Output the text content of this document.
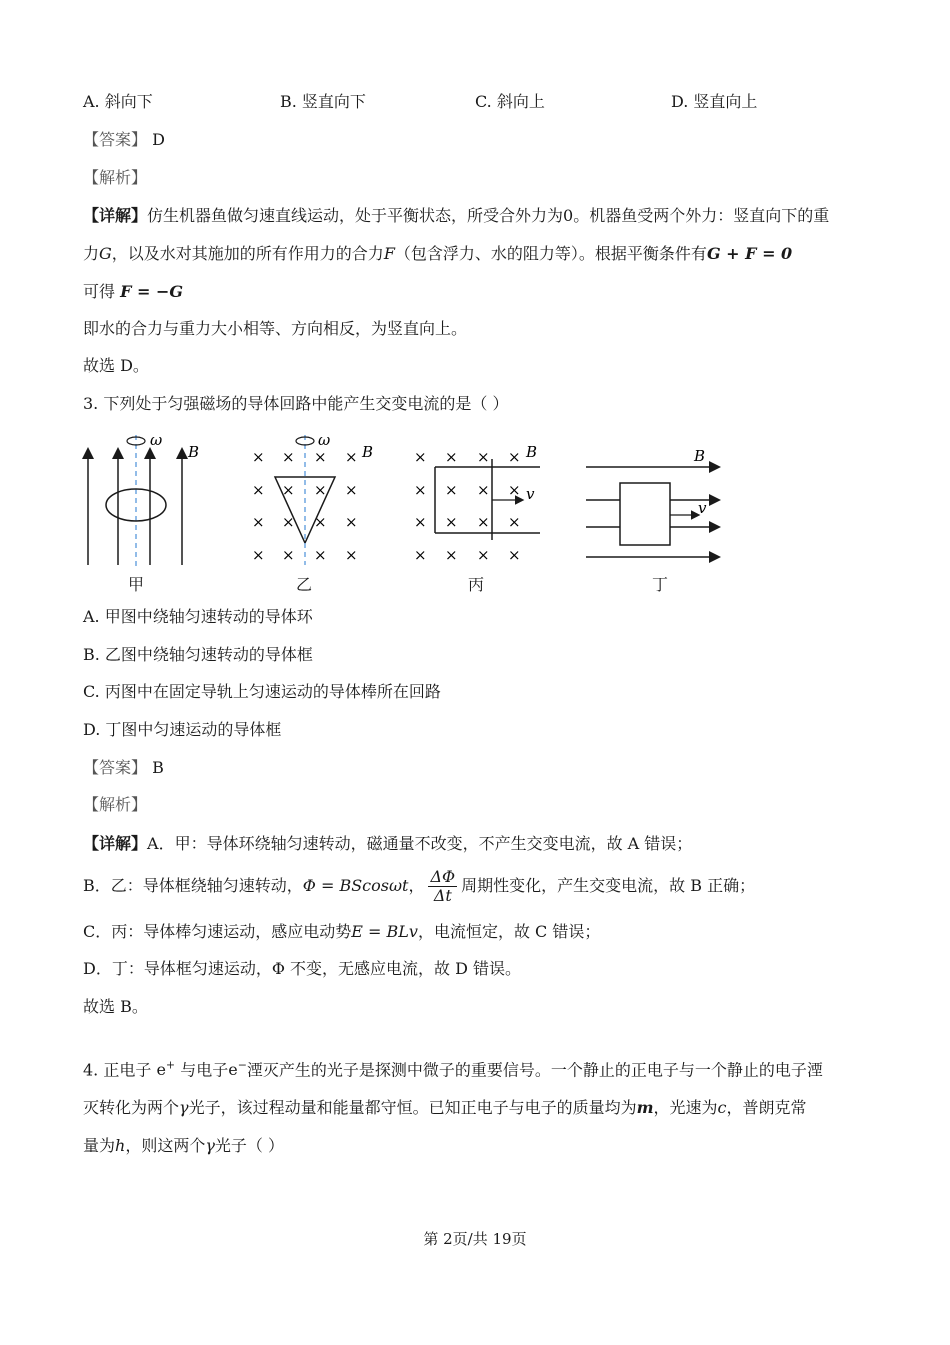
A. 斜向下	B. 竖直向下	C. 斜向上	D. 竖直向上
【答案】 D
【解析】
【详解】仿生机器鱼做匀速直线运动，处于平衡状态，所受合外力为0。机器鱼受两个外力：竖直向下的重
力G，以及水对其施加的所有作用力的合力F（包含浮力、水的阻力等）。根据平衡条件有G + F = 0
可得 F = −G
即水的合力与重力大小相等、方向相反，为竖直向上。
故选 D。
3. 下列处于匀强磁场的导体回路中能产生交变电流的是（ ）
ω
B	× × × ×
× × × ×
× × × ×
× × × ×
ω
B	× × × ×
× × × ×
× × × ×
× × × ×
v
B
v
B
甲	乙	丙	丁
A. 甲图中绕轴匀速转动的导体环
B. 乙图中绕轴匀速转动的导体框
C. 丙图中在固定导轨上匀速运动的导体棒所在回路
D. 丁图中匀速运动的导体框
【答案】 B
【解析】
【详解】A．甲：导体环绕轴匀速转动，磁通量不改变，不产生交变电流，故 A 错误；
B．乙：导体框绕轴匀速转动，Φ = BScosωt， $\frac{\Delta\Phi}{\Delta t}$ 周期性变化，产生交变电流，故 B 正确；
C．丙：导体棒匀速运动，感应电动势E = BLv，电流恒定，故 C 错误；
D．丁：导体框匀速运动，Φ 不变，无感应电流，故 D 错误。
故选 B。
4. 正电子 e+ 与电子e−湮灭产生的光子是探测中微子的重要信号。一个静止的正电子与一个静止的电子湮
灭转化为两个γ光子，该过程动量和能量都守恒。已知正电子与电子的质量均为m，光速为c，普朗克常
量为h，则这两个γ光子（ ）
第 2页/共 19页
